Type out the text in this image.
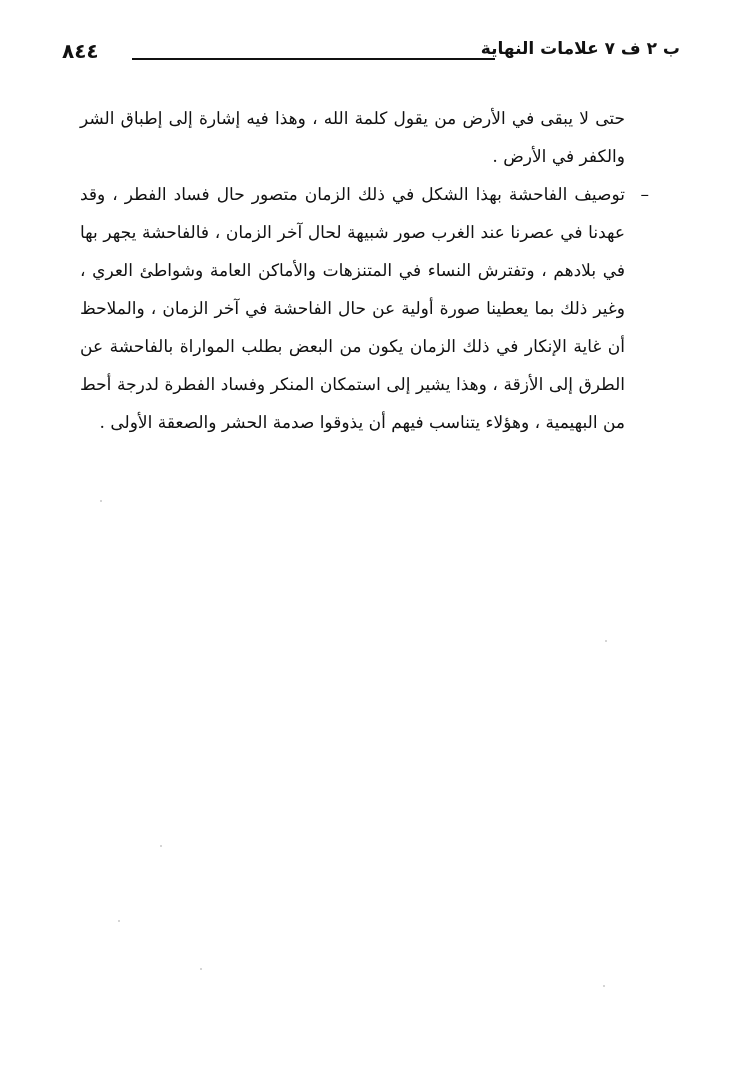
ب ٢ ف ٧ علامات النهاية
٨٤٤

حتى لا يبقى في الأرض من يقول كلمة الله ، وهذا فيه إشارة إلى إطباق الشر والكفر في الأرض .

–
توصيف الفاحشة بهذا الشكل في ذلك الزمان متصور حال فساد الفطر ، وقد عهدنا في عصرنا عند الغرب صور شبيهة لحال آخر الزمان ، فالفاحشة يجهر بها في بلادهم ، وتفترش النساء في المتنزهات والأماكن العامة وشواطئ العري ، وغير ذلك بما يعطينا صورة أولية عن حال الفاحشة في آخر الزمان ، والملاحظ أن غاية الإنكار في ذلك الزمان يكون من البعض بطلب المواراة بالفاحشة عن الطرق إلى الأزقة ، وهذا يشير إلى استمكان المنكر وفساد الفطرة لدرجة أحط من البهيمية ، وهؤلاء يتناسب فيهم أن يذوقوا صدمة الحشر والصعقة الأولى .
